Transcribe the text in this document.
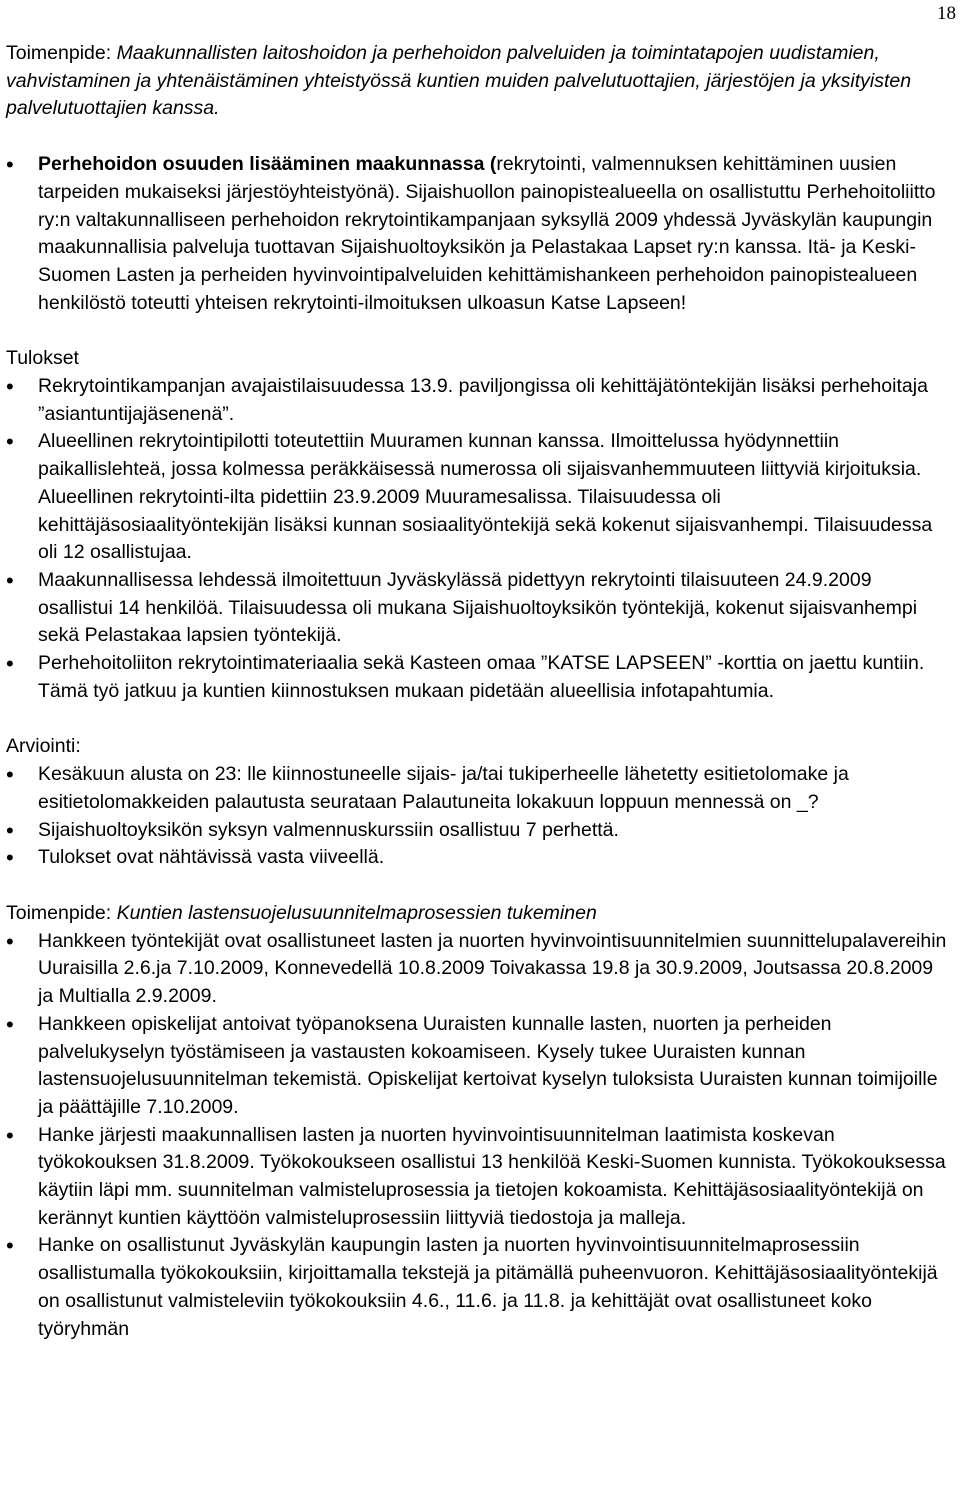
18

Toimenpide: Maakunnallisten laitoshoidon ja perhehoidon palveluiden ja toimintatapojen uudistamien, vahvistaminen ja yhtenäistäminen yhteistyössä kuntien muiden palvelutuottajien, järjestöjen ja yksityisten palvelutuottajien kanssa.

• Perhehoidon osuuden lisääminen maakunnassa (rekrytointi, valmennuksen kehittäminen uusien tarpeiden mukaiseksi järjestöyhteistyönä). Sijaishuollon painopistealueella on osallistuttu Perhehoitoliitto ry:n valtakunnalliseen perhehoidon rekrytointikampanjaan syksyllä 2009 yhdessä Jyväskylän kaupungin maakunnallisia palveluja tuottavan Sijaishuoltoyksikön ja Pelastakaa Lapset ry:n kanssa. Itä- ja Keski-Suomen Lasten ja perheiden hyvinvointipalveluiden kehittämishankeen perhehoidon painopistealueen henkilöstö toteutti yhteisen rekrytointi-ilmoituksen ulkoasun Katse Lapseen!

Tulokset

• Rekrytointikampanjan avajaistilaisuudessa 13.9. paviljongissa oli kehittäjätöntekijän lisäksi perhehoitaja ”asiantuntijajäsenenä”.
• Alueellinen rekrytointipilotti toteutettiin Muuramen kunnan kanssa. Ilmoittelussa hyödynnettiin paikallislehteä, jossa kolmessa peräkkäisessä numerossa oli sijaisvanhemmuuteen liittyviä kirjoituksia. Alueellinen rekrytointi-ilta pidettiin 23.9.2009 Muuramesalissa. Tilaisuudessa oli kehittäjäsosiaalityöntekijän lisäksi kunnan sosiaalityöntekijä sekä kokenut sijaisvanhempi. Tilaisuudessa oli 12 osallistujaa.
• Maakunnallisessa lehdessä ilmoitettuun Jyväskylässä pidettyyn rekrytointi tilaisuuteen 24.9.2009 osallistui 14 henkilöä. Tilaisuudessa oli mukana Sijaishuoltoyksikön työntekijä, kokenut sijaisvanhempi sekä Pelastakaa lapsien työntekijä.
• Perhehoitoliiton rekrytointimateriaalia sekä Kasteen omaa ”KATSE LAPSEEN” -korttia on jaettu kuntiin. Tämä työ jatkuu ja kuntien kiinnostuksen mukaan pidetään alueellisia infotapahtumia.

Arviointi:

• Kesäkuun alusta on 23: lle kiinnostuneelle sijais- ja/tai tukiperheelle lähetetty esitietolomake ja esitietolomakkeiden palautusta seurataan Palautuneita lokakuun loppuun mennessä on _?
• Sijaishuoltoyksikön syksyn valmennuskurssiin osallistuu 7 perhettä.
• Tulokset ovat nähtävissä vasta viiveellä.

Toimenpide: Kuntien lastensuojelusuunnitelmaprosessien tukeminen

• Hankkeen työntekijät ovat osallistuneet lasten ja nuorten hyvinvointisuunnitelmien suunnittelupalavereihin Uuraisilla 2.6.ja 7.10.2009, Konnevedellä 10.8.2009 Toivakassa 19.8 ja 30.9.2009, Joutsassa 20.8.2009 ja Multialla 2.9.2009.
• Hankkeen opiskelijat antoivat työpanoksena Uuraisten kunnalle lasten, nuorten ja perheiden palvelukyselyn työstämiseen ja vastausten kokoamiseen. Kysely tukee Uuraisten kunnan lastensuojelusuunnitelman tekemistä. Opiskelijat kertoivat kyselyn tuloksista Uuraisten kunnan toimijoille ja päättäjille 7.10.2009.
• Hanke järjesti maakunnallisen lasten ja nuorten hyvinvointisuunnitelman laatimista koskevan työkokouksen 31.8.2009. Työkokoukseen osallistui 13 henkilöä Keski-Suomen kunnista. Työkokouksessa käytiin läpi mm. suunnitelman valmisteluprosessia ja tietojen kokoamista. Kehittäjäsosiaalityöntekijä on kerännyt kuntien käyttöön valmisteluprosessiin liittyviä tiedostoja ja malleja.
• Hanke on osallistunut Jyväskylän kaupungin lasten ja nuorten hyvinvointisuunnitelmaprosessiin osallistumalla työkokouksiin, kirjoittamalla tekstejä ja pitämällä puheenvuoron. Kehittäjäsosiaalityöntekijä on osallistunut valmisteleviin työkokouksiin 4.6., 11.6. ja 11.8. ja kehittäjät ovat osallistuneet koko työryhmän
